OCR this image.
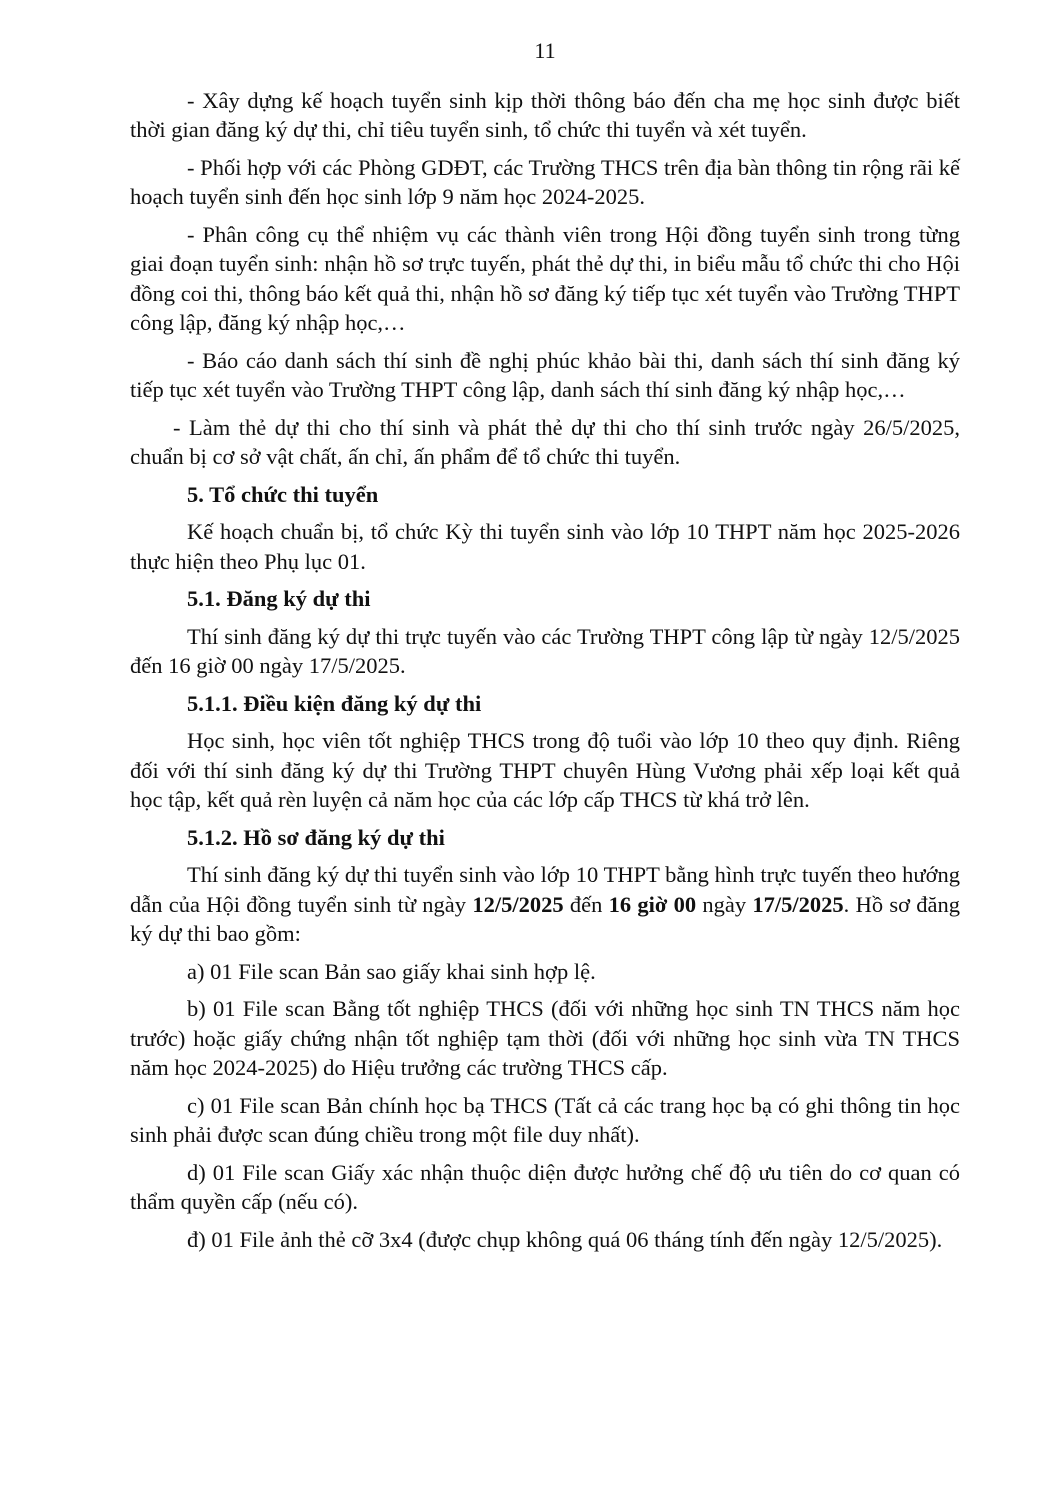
11

- Xây dựng kế hoạch tuyển sinh kịp thời thông báo đến cha mẹ học sinh được biết thời gian đăng ký dự thi, chỉ tiêu tuyển sinh, tổ chức thi tuyển và xét tuyển.

- Phối hợp với các Phòng GDĐT, các Trường THCS trên địa bàn thông tin rộng rãi kế hoạch tuyển sinh đến học sinh lớp 9 năm học 2024-2025.

- Phân công cụ thể nhiệm vụ các thành viên trong Hội đồng tuyển sinh trong từng giai đoạn tuyển sinh: nhận hồ sơ trực tuyến, phát thẻ dự thi, in biểu mẫu tổ chức thi cho Hội đồng coi thi, thông báo kết quả thi, nhận hồ sơ đăng ký tiếp tục xét tuyển vào Trường THPT công lập, đăng ký nhập học,…

- Báo cáo danh sách thí sinh đề nghị phúc khảo bài thi, danh sách thí sinh đăng ký tiếp tục xét tuyển vào Trường THPT công lập, danh sách thí sinh đăng ký nhập học,…

- Làm thẻ dự thi cho thí sinh và phát thẻ dự thi cho thí sinh trước ngày 26/5/2025, chuẩn bị cơ sở vật chất, ấn chỉ, ấn phẩm để tổ chức thi tuyển.

5. Tổ chức thi tuyển

Kế hoạch chuẩn bị, tổ chức Kỳ thi tuyển sinh vào lớp 10 THPT năm học 2025-2026 thực hiện theo Phụ lục 01.

5.1. Đăng ký dự thi

Thí sinh đăng ký dự thi trực tuyến vào các Trường THPT công lập từ ngày 12/5/2025 đến 16 giờ 00 ngày 17/5/2025.

5.1.1. Điều kiện đăng ký dự thi

Học sinh, học viên tốt nghiệp THCS trong độ tuổi vào lớp 10 theo quy định. Riêng đối với thí sinh đăng ký dự thi Trường THPT chuyên Hùng Vương phải xếp loại kết quả học tập, kết quả rèn luyện cả năm học của các lớp cấp THCS từ khá trở lên.

5.1.2. Hồ sơ đăng ký dự thi

Thí sinh đăng ký dự thi tuyển sinh vào lớp 10 THPT bằng hình trực tuyến theo hướng dẫn của Hội đồng tuyển sinh từ ngày 12/5/2025 đến 16 giờ 00 ngày 17/5/2025. Hồ sơ đăng ký dự thi bao gồm:

a) 01 File scan Bản sao giấy khai sinh hợp lệ.

b) 01 File scan Bằng tốt nghiệp THCS (đối với những học sinh TN THCS năm học trước) hoặc giấy chứng nhận tốt nghiệp tạm thời (đối với những học sinh vừa TN THCS năm học 2024-2025) do Hiệu trưởng các trường THCS cấp.

c) 01 File scan Bản chính học bạ THCS (Tất cả các trang học bạ có ghi thông tin học sinh phải được scan đúng chiều trong một file duy nhất).

d) 01 File scan Giấy xác nhận thuộc diện được hưởng chế độ ưu tiên do cơ quan có thẩm quyền cấp (nếu có).

đ) 01 File ảnh thẻ cỡ 3x4 (được chụp không quá 06 tháng tính đến ngày 12/5/2025).
